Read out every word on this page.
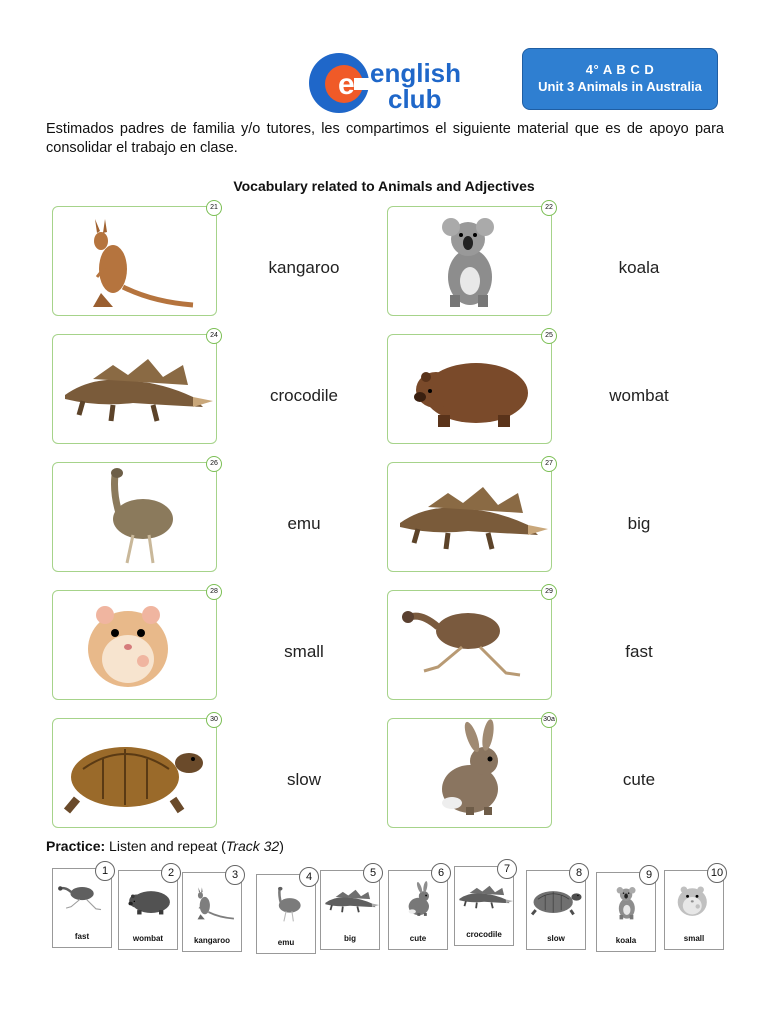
e english
club
4° A B C D
Unit 3 Animals in Australia
Estimados padres de familia y/o tutores, les compartimos el siguiente material que es de apoyo para consolidar el trabajo en clase.
Vocabulary related to Animals and Adjectives
21
kangaroo
22
koala
24
crocodile
25
wombat
26
emu
27
big
28
small
29
fast
30
slow
30a
cute
Practice: Listen and repeat (Track 32)
1
fast
2
wombat
3
kangaroo
4
emu
5
big
6
cute
7
crocodile
8
slow
9
koala
10
small
